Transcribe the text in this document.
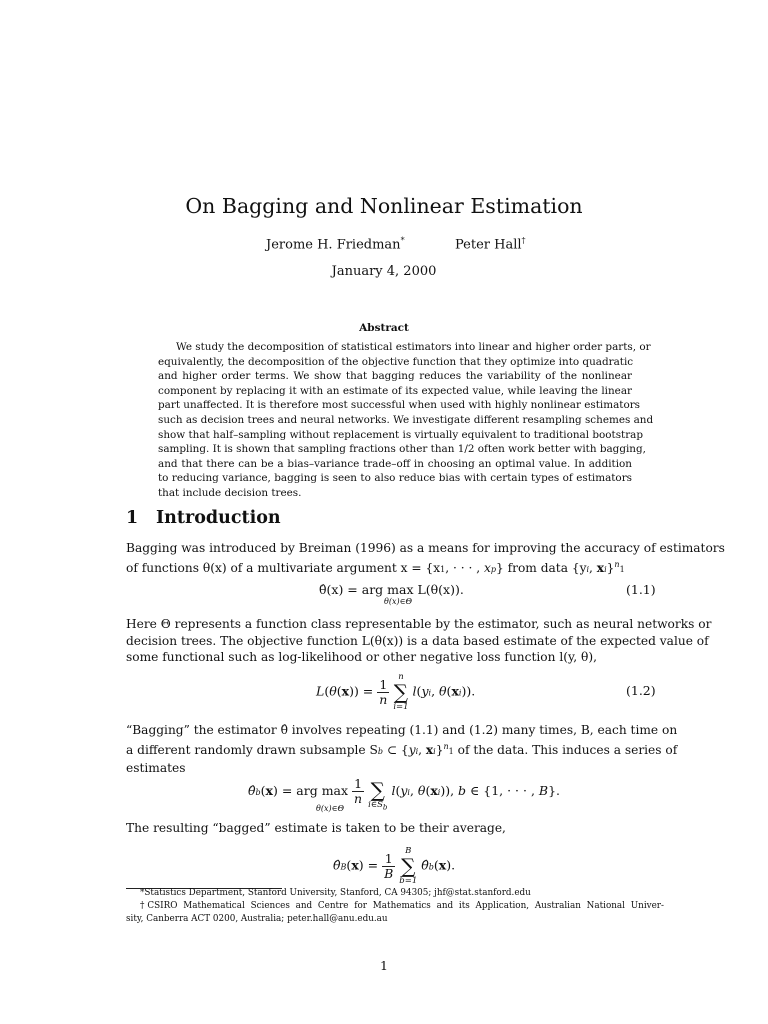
On Bagging and Nonlinear Estimation
Jerome H. Friedman*	Peter Hall†
January 4, 2000
Abstract
We study the decomposition of statistical estimators into linear and higher order parts, or
equivalently, the decomposition of the objective function that they optimize into quadratic
and higher order terms. We show that bagging reduces the variability of the nonlinear
component by replacing it with an estimate of its expected value, while leaving the linear
part unaffected. It is therefore most successful when used with highly nonlinear estimators
such as decision trees and neural networks. We investigate different resampling schemes and
show that half–sampling without replacement is virtually equivalent to traditional bootstrap
sampling. It is shown that sampling fractions other than 1/2 often work better with bagging,
and that there can be a bias–variance trade–off in choosing an optimal value. In addition
to reducing variance, bagging is seen to also reduce bias with certain types of estimators
that include decision trees.
1 Introduction
Bagging was introduced by Breiman (1996) as a means for improving the accuracy of estimators
of functions θ(x) of a multivariate argument x = {x1, · · · , xp} from data {yi, xi}$^n$1
θ̂(x) = arg max L(θ(x)).
θ(x)∈Θ
(1.1)
Here Θ represents a function class representable by the estimator, such as neural networks or
decision trees. The objective function L(θ(x)) is a data based estimate of the expected value of
some functional such as log-likelihood or other negative loss function l(y, θ),
$L(\theta(x)) = \frac{1}{n}$

n
∑
i=1
l(yi, θ(xi)).	(1.2)
“Bagging” the estimator θ̂ involves repeating (1.1) and (1.2) many times, B, each time on
a different randomly drawn subsample Sb ⊂ {yi, xi}$^n$1 of the data. This induces a series of
estimates
θ̂b(x) = arg $\max \frac{1}{n}$

∑
$i\in S_b$
l(yi, θ(xi)), b ∈ {1, · · · , B}.
θ(x)∈Θ
The resulting “bagged” estimate is taken to be their average,
θ̂B(x) = $\frac{1}{B}$

B
∑
b=1
θ̂b(x).
*Statistics Department, Stanford University, Stanford, CA 94305; jhf@stat.stanford.edu
†CSIRO Mathematical Sciences and Centre for Mathematics and its Application, Australian National Univer-
sity, Canberra ACT 0200, Australia; peter.hall@anu.edu.au
1
